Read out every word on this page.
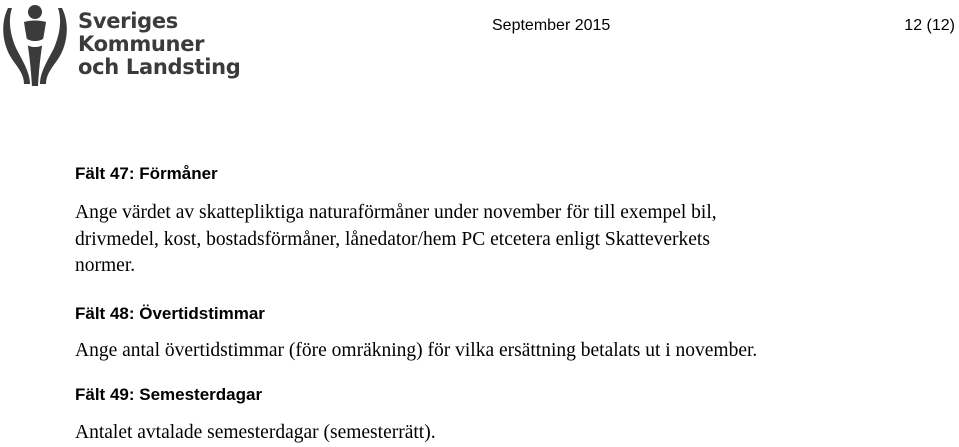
Sveriges
Kommuner
och Landsting
September 2015	12 (12)
Fält 47: Förmåner
Ange värdet av skattepliktiga naturaförmåner under november för till exempel bil,
drivmedel, kost, bostadsförmåner, lånedator/hem PC etcetera enligt Skatteverkets
normer.
Fält 48: Övertidstimmar
Ange antal övertidstimmar (före omräkning) för vilka ersättning betalats ut i november.
Fält 49: Semesterdagar
Antalet avtalade semesterdagar (semesterrätt).
